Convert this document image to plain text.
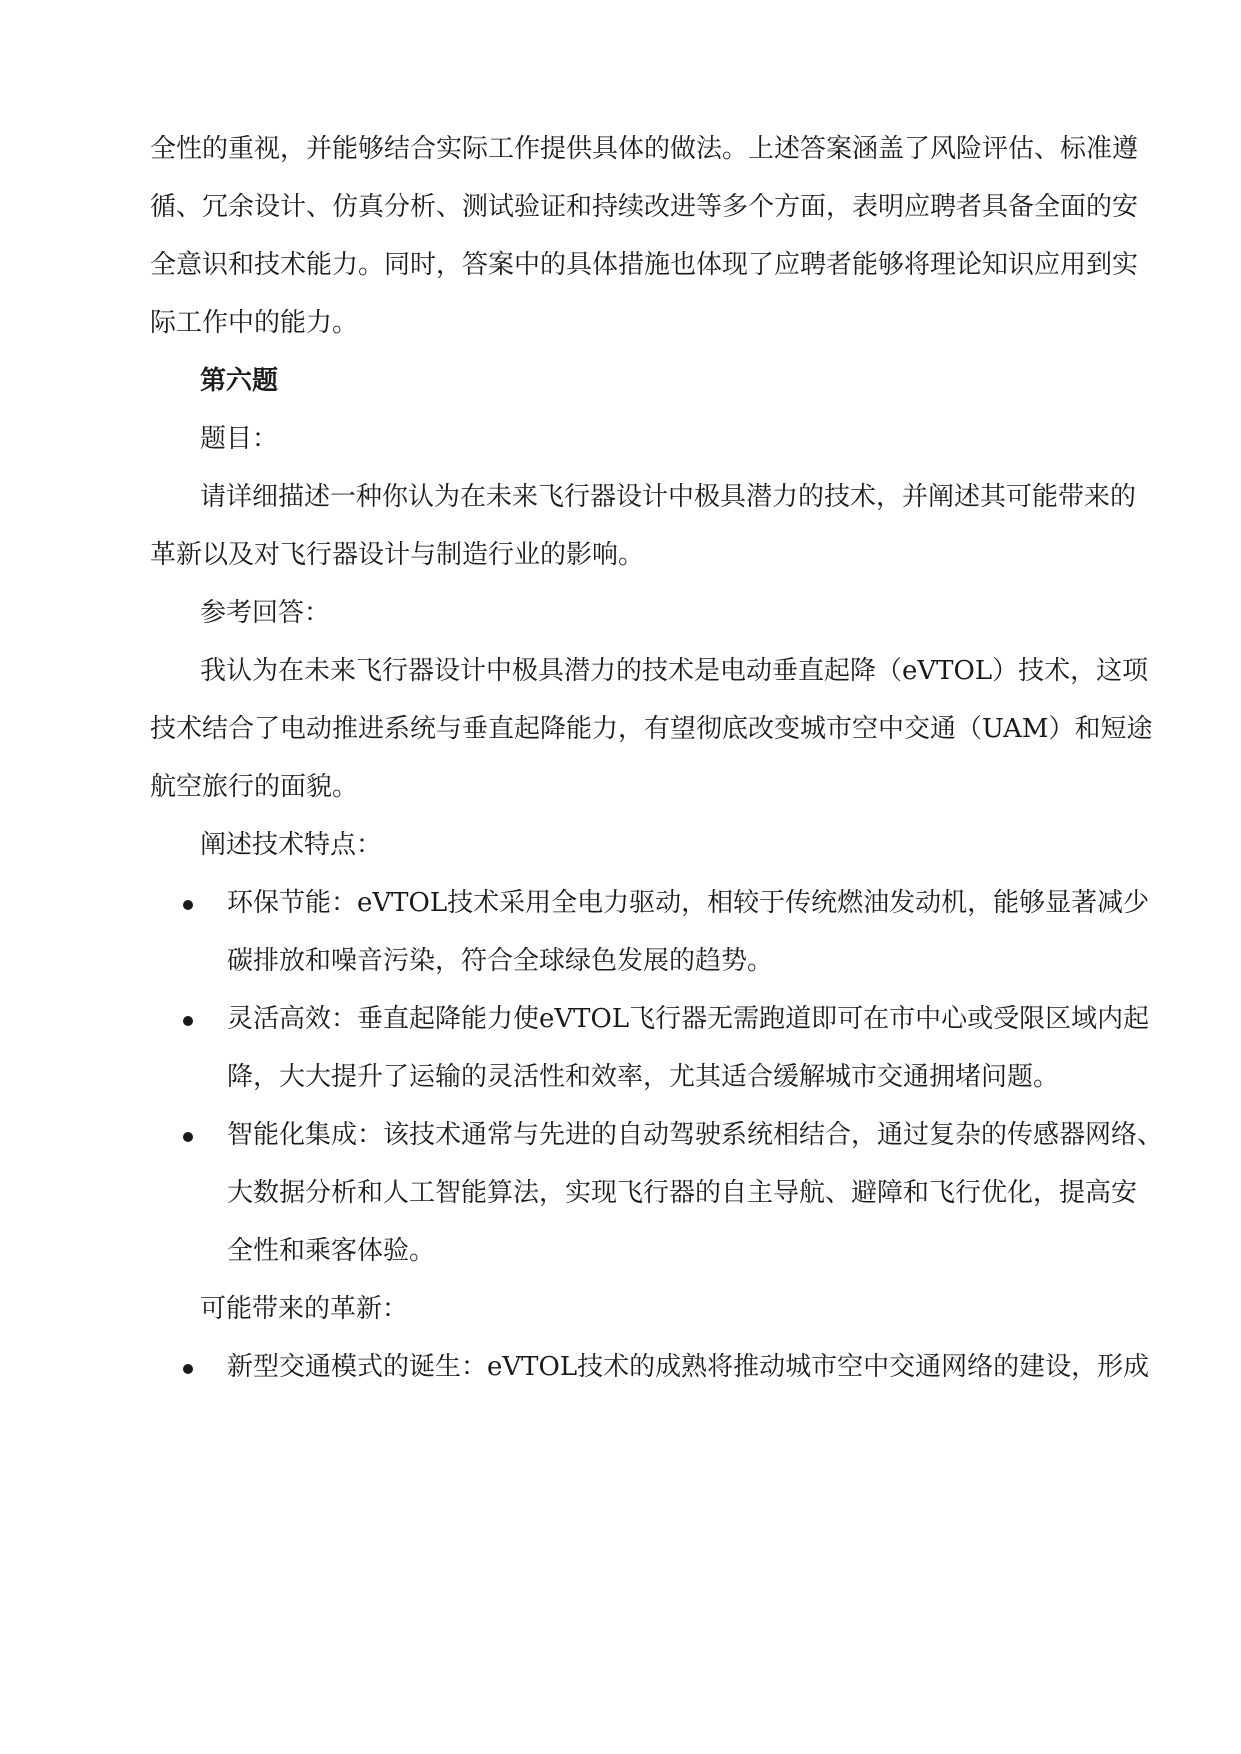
全性的重视，并能够结合实际工作提供具体的做法。上述答案涵盖了风险评估、标准遵
循、冗余设计、仿真分析、测试验证和持续改进等多个方面，表明应聘者具备全面的安
全意识和技术能力。同时，答案中的具体措施也体现了应聘者能够将理论知识应用到实
际工作中的能力。
第六题
题目：
请详细描述一种你认为在未来飞行器设计中极具潜力的技术，并阐述其可能带来的
革新以及对飞行器设计与制造行业的影响。
参考回答：
我认为在未来飞行器设计中极具潜力的技术是电动垂直起降（eVTOL）技术，这项
技术结合了电动推进系统与垂直起降能力，有望彻底改变城市空中交通（UAM）和短途
航空旅行的面貌。
阐述技术特点：
环保节能：eVTOL技术采用全电力驱动，相较于传统燃油发动机，能够显著减少
碳排放和噪音污染，符合全球绿色发展的趋势。
灵活高效：垂直起降能力使eVTOL飞行器无需跑道即可在市中心或受限区域内起
降，大大提升了运输的灵活性和效率，尤其适合缓解城市交通拥堵问题。
智能化集成：该技术通常与先进的自动驾驶系统相结合，通过复杂的传感器网络、
大数据分析和人工智能算法，实现飞行器的自主导航、避障和飞行优化，提高安
全性和乘客体验。
可能带来的革新：
新型交通模式的诞生：eVTOL技术的成熟将推动城市空中交通网络的建设，形成
